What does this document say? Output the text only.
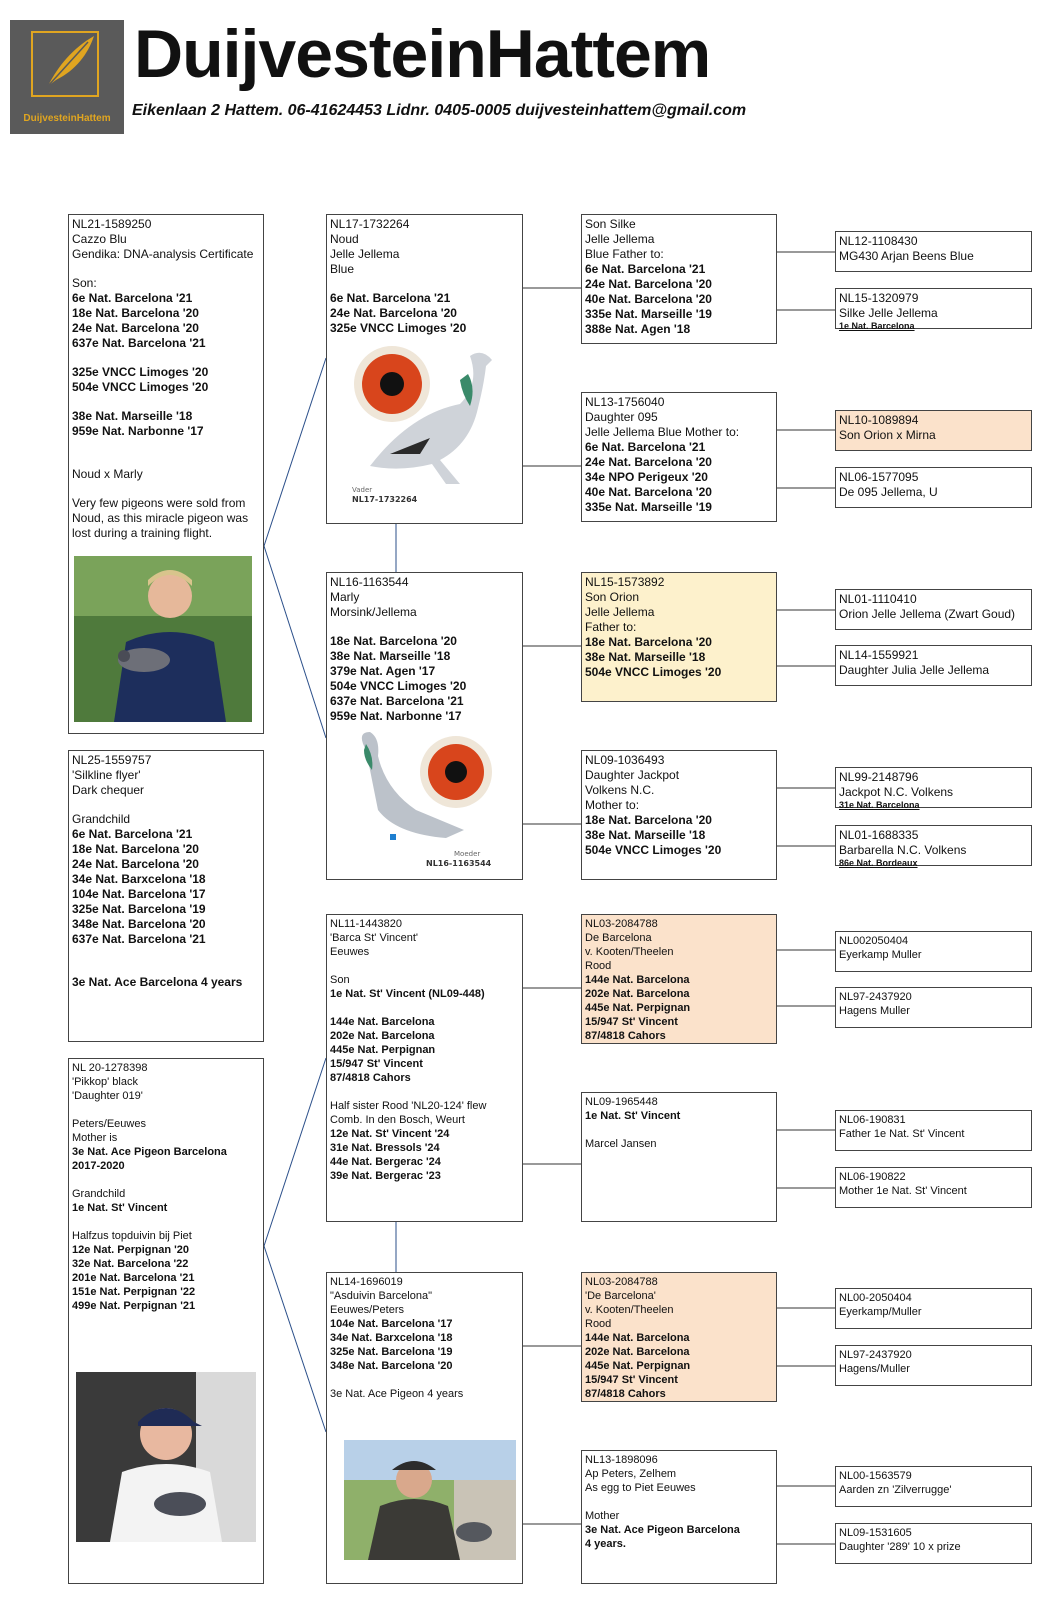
DuijvesteinHattem
DuijvesteinHattem
Eikenlaan 2 Hattem. 06-41624453 Lidnr. 0405-0005 duijvesteinhattem@gmail.com
NL21-1589250
Cazzo Blu
Gendika: DNA-analysis Certificate
Son:
6e Nat. Barcelona '21
18e Nat. Barcelona '20
24e Nat. Barcelona '20
637e Nat. Barcelona '21
325e VNCC Limoges '20
504e VNCC Limoges '20
38e Nat. Marseille '18
959e Nat. Narbonne '17
Noud x Marly
Very few pigeons were sold from
Noud, as this miracle pigeon was
lost during a training flight.
NL25-1559757
'Silkline flyer'
Dark chequer
Grandchild
6e Nat. Barcelona '21
18e Nat. Barcelona '20
24e Nat. Barcelona '20
34e Nat. Barxcelona '18
104e Nat. Barcelona '17
325e Nat. Barcelona '19
348e Nat. Barcelona '20
637e Nat. Barcelona '21
3e Nat. Ace Barcelona 4 years
NL 20-1278398
'Pikkop' black
'Daughter 019'
Peters/Eeuwes
Mother is
3e Nat. Ace Pigeon Barcelona
2017-2020
Grandchild
1e Nat. St' Vincent
Halfzus topduivin bij Piet
12e Nat. Perpignan '20
32e Nat. Barcelona '22
201e Nat. Barcelona '21
151e Nat. Perpignan '22
499e Nat. Perpignan '21
NL17-1732264
Noud
Jelle Jellema
Blue
6e Nat. Barcelona '21
24e Nat. Barcelona '20
325e VNCC Limoges '20
Vader
NL17-1732264
NL16-1163544
Marly
Morsink/Jellema
18e Nat. Barcelona '20
38e Nat. Marseille '18
379e Nat. Agen '17
504e VNCC Limoges '20
637e Nat. Barcelona '21
959e Nat. Narbonne '17
Moeder
NL16-1163544
NL11-1443820
'Barca St' Vincent'
Eeuwes
Son
1e Nat. St' Vincent (NL09-448)
144e Nat. Barcelona
202e Nat. Barcelona
445e Nat. Perpignan
15/947 St' Vincent
87/4818 Cahors
Half sister Rood 'NL20-124' flew
Comb. In den Bosch, Weurt
12e Nat. St' Vincent '24
31e Nat. Bressols '24
44e Nat. Bergerac '24
39e Nat. Bergerac '23
NL14-1696019
"Asduivin Barcelona"
Eeuwes/Peters
104e Nat. Barcelona '17
34e Nat. Barxcelona '18
325e Nat. Barcelona '19
348e Nat. Barcelona '20
3e Nat. Ace Pigeon 4 years
Son Silke
Jelle Jellema
Blue Father to:
6e Nat. Barcelona '21
24e Nat. Barcelona '20
40e Nat. Barcelona '20
335e Nat. Marseille '19
388e Nat. Agen '18
NL13-1756040
Daughter 095
Jelle Jellema Blue Mother to:
6e Nat. Barcelona '21
24e Nat. Barcelona '20
34e NPO Perigeux '20
40e Nat. Barcelona '20
335e Nat. Marseille '19
NL15-1573892
Son Orion
Jelle Jellema
Father to:
18e Nat. Barcelona '20
38e Nat. Marseille '18
504e VNCC Limoges '20
NL09-1036493
Daughter Jackpot
Volkens N.C.
Mother to:
18e Nat. Barcelona '20
38e Nat. Marseille '18
504e VNCC Limoges '20
NL03-2084788
De Barcelona
v. Kooten/Theelen
Rood
144e Nat. Barcelona
202e Nat. Barcelona
445e Nat. Perpignan
15/947 St' Vincent
87/4818 Cahors
NL09-1965448
1e Nat. St' Vincent
Marcel Jansen
NL03-2084788
'De Barcelona'
v. Kooten/Theelen
Rood
144e Nat. Barcelona
202e Nat. Barcelona
445e Nat. Perpignan
15/947 St' Vincent
87/4818 Cahors
NL13-1898096
Ap Peters, Zelhem
As egg to Piet Eeuwes
Mother
3e Nat. Ace Pigeon Barcelona
4 years.
NL12-1108430
MG430 Arjan Beens Blue
NL15-1320979
Silke Jelle Jellema
1e Nat. Barcelona
NL10-1089894
Son Orion x Mirna
NL06-1577095
De 095 Jellema, U
NL01-1110410
Orion Jelle Jellema (Zwart Goud)
NL14-1559921
Daughter Julia Jelle Jellema
NL99-2148796
Jackpot N.C. Volkens
31e Nat. Barcelona
NL01-1688335
Barbarella N.C. Volkens
86e Nat. Bordeaux
NL002050404
Eyerkamp Muller
NL97-2437920
Hagens Muller
NL06-190831
Father 1e Nat. St' Vincent
NL06-190822
Mother 1e Nat. St' Vincent
NL00-2050404
Eyerkamp/Muller
NL97-2437920
Hagens/Muller
NL00-1563579
Aarden zn 'Zilverrugge'
NL09-1531605
Daughter '289' 10 x prize
